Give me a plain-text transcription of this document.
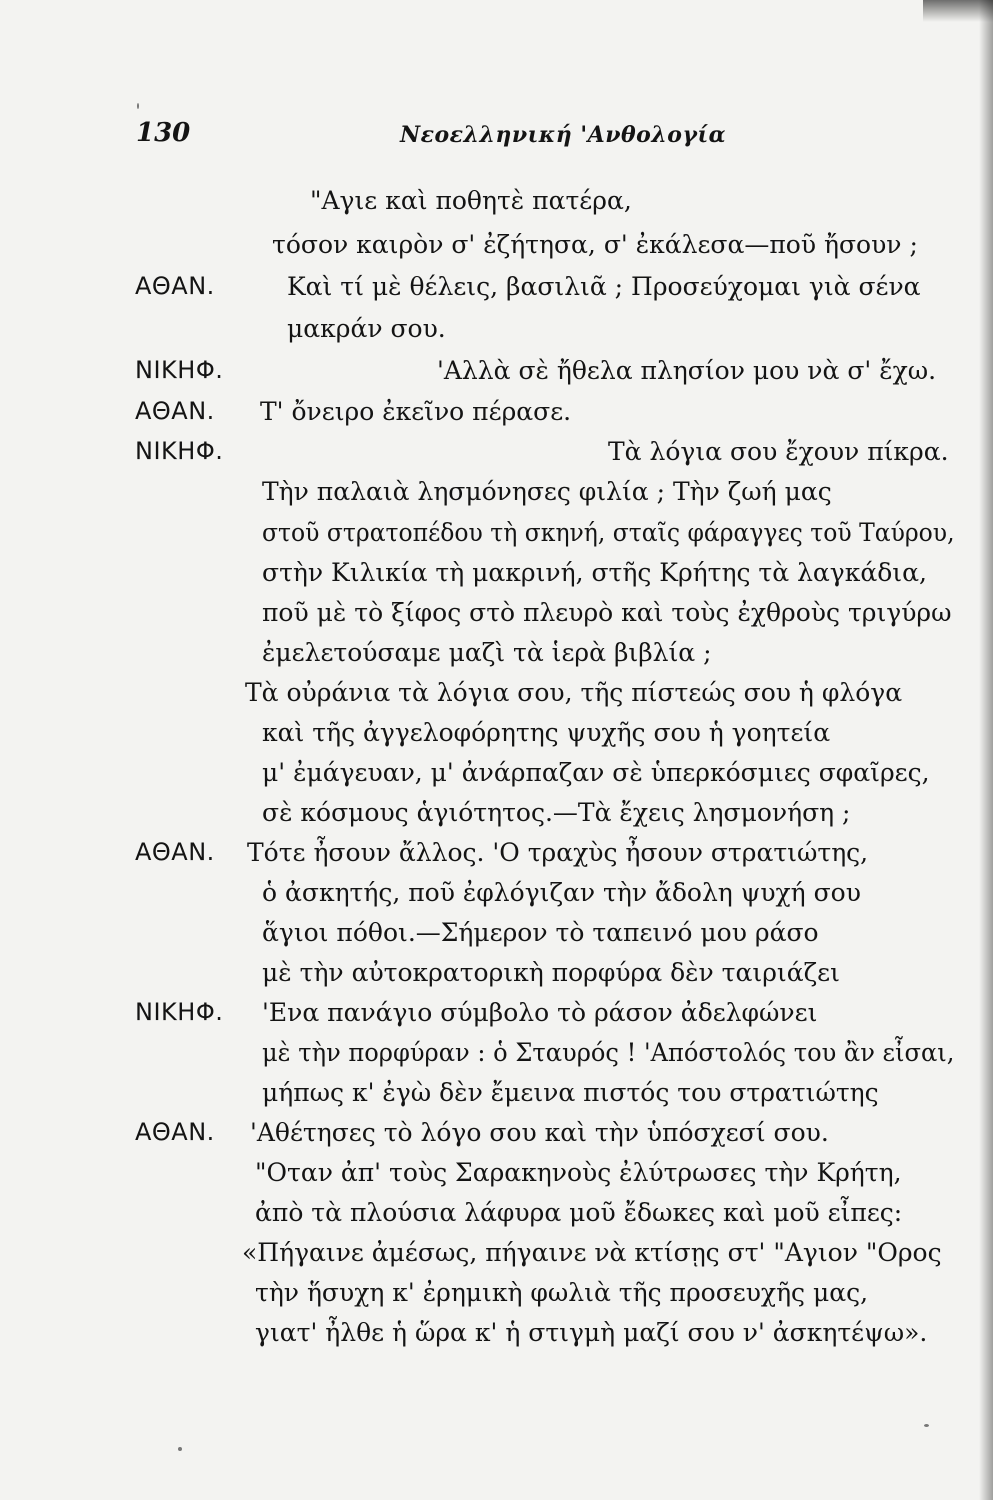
130	Νεοελληνική 'Ανθολογία
"Αγιε καὶ ποθητὲ πατέρα,
τόσον καιρὸν σ' ἐζήτησα, σ' ἐκάλεσα—ποῦ ἤσουν ;
ΑΘΑΝ.	Καὶ τί μὲ θέλεις, βασιλιᾶ ; Προσεύχομαι γιὰ σένα
μακράν σου.
ΝΙΚΗΦ.	'Αλλὰ σὲ ἤθελα πλησίον μου νὰ σ' ἔχω.
ΑΘΑΝ. Τ' ὄνειρο ἐκεῖνο πέρασε.
ΝΙΚΗΦ.	Τὰ λόγια σου ἔχουν πίκρα.
Τὴν παλαιὰ λησμόνησες φιλία ; Τὴν ζωή μας
στοῦ στρατοπέδου τὴ σκηνή, σταῖς φάραγγες τοῦ Ταύρου,
στὴν Κιλικία τὴ μακρινή, στῆς Κρήτης τὰ λαγκάδια,
ποῦ μὲ τὸ ξίφος στὸ πλευρὸ καὶ τοὺς ἐχθροὺς τριγύρω
ἐμελετούσαμε μαζὶ τὰ ἱερὰ βιβλία ;
Τὰ οὐράνια τὰ λόγια σου, τῆς πίστεώς σου ἡ φλόγα
καὶ τῆς ἀγγελοφόρητης ψυχῆς σου ἡ γοητεία
μ' ἐμάγευαν, μ' ἀνάρπαζαν σὲ ὑπερκόσμιες σφαῖρες,
σὲ κόσμους ἁγιότητος.—Τὰ ἔχεις λησμονήση ;
ΑΘΑΝ. Τότε ἦσουν ἄλλος. 'Ο τραχὺς ἦσουν στρατιώτης,
ὁ ἀσκητής, ποῦ ἐφλόγιζαν τὴν ἄδολη ψυχή σου
ἅγιοι πόθοι.—Σήμερον τὸ ταπεινό μου ράσο
μὲ τὴν αὐτοκρατορικὴ πορφύρα δὲν ταιριάζει
ΝΙΚΗΦ. 'Ενα πανάγιο σύμβολο τὸ ράσον ἀδελφώνει
μὲ τὴν πορφύραν : ὁ Σταυρός ! 'Απόστολός του ἂν εἶσαι,
μήπως κ' ἐγὼ δὲν ἔμεινα πιστός του στρατιώτης
ΑΘΑΝ. 'Αθέτησες τὸ λόγο σου καὶ τὴν ὑπόσχεσί σου.
"Οταν ἀπ' τοὺς Σαρακηνοὺς ἐλύτρωσες τὴν Κρήτη,
ἀπὸ τὰ πλούσια λάφυρα μοῦ ἔδωκες καὶ μοῦ εἶπες:
«Πήγαινε ἀμέσως, πήγαινε νὰ κτίσῃς στ' "Αγιον "Ορος
τὴν ἥσυχη κ' ἐρημικὴ φωλιὰ τῆς προσευχῆς μας,
γιατ' ἦλθε ἡ ὥρα κ' ἡ στιγμὴ μαζί σου ν' ἀσκητέψω».
